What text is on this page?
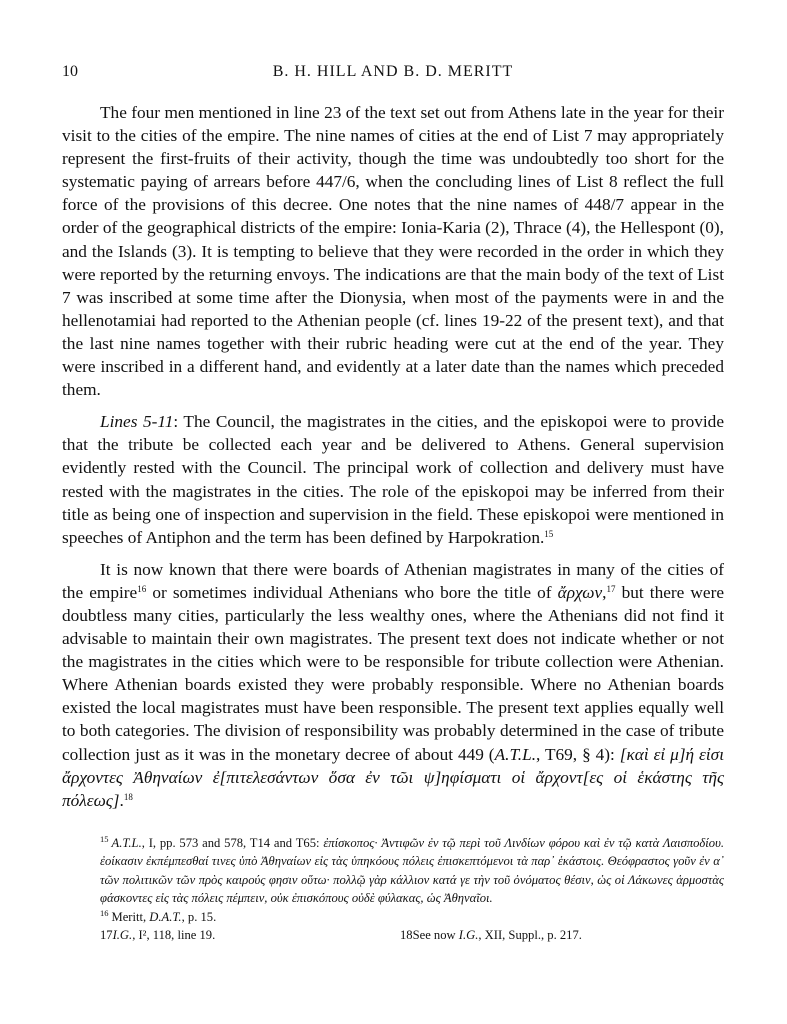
10	B. H. HILL AND B. D. MERITT

The four men mentioned in line 23 of the text set out from Athens late in the year for their visit to the cities of the empire. The nine names of cities at the end of List 7 may appropriately represent the first-fruits of their activity, though the time was undoubtedly too short for the systematic paying of arrears before 447/6, when the concluding lines of List 8 reflect the full force of the provisions of this decree. One notes that the nine names of 448/7 appear in the order of the geographical districts of the empire: Ionia-Karia (2), Thrace (4), the Hellespont (0), and the Islands (3). It is tempting to believe that they were recorded in the order in which they were reported by the returning envoys. The indications are that the main body of the text of List 7 was inscribed at some time after the Dionysia, when most of the payments were in and the hellenotamiai had reported to the Athenian people (cf. lines 19-22 of the present text), and that the last nine names together with their rubric heading were cut at the end of the year. They were inscribed in a different hand, and evidently at a later date than the names which preceded them.

Lines 5-11: The Council, the magistrates in the cities, and the episkopoi were to provide that the tribute be collected each year and be delivered to Athens. General supervision evidently rested with the Council. The principal work of collection and delivery must have rested with the magistrates in the cities. The role of the episkopoi may be inferred from their title as being one of inspection and supervision in the field. These episkopoi were mentioned in speeches of Antiphon and the term has been defined by Harpokration.$^{15}$

It is now known that there were boards of Athenian magistrates in many of the cities of the empire$^{16}$ or sometimes individual Athenians who bore the title of ἄρχων,$^{17}$ but there were doubtless many cities, particularly the less wealthy ones, where the Athenians did not find it advisable to maintain their own magistrates. The present text does not indicate whether or not the magistrates in the cities which were to be responsible for tribute collection were Athenian. Where Athenian boards existed they were probably responsible. Where no Athenian boards existed the local magistrates must have been responsible. The present text applies equally well to both categories. The division of responsibility was probably determined in the case of tribute collection just as it was in the monetary decree of about 449 (A.T.L., T69, § 4): [καὶ εἰ μ]ή εἰσι ἄρχοντες Ἀθηναίων ἐ[πιτελεσάντων ὅσα ἐν τῶι ψ]ηφίσματι οἱ ἄρχοντ[ες οἱ ἑκάστης τῆς πόλεως].$^{18}$

$^{15}$ A.T.L., I, pp. 573 and 578, T14 and T65: ἐπίσκοπος· Ἀντιφῶν ἐν τῷ περὶ τοῦ Λινδίων φόρου καὶ ἐν τῷ κατὰ Λαισποδίου. ἐοίκασιν ἐκπέμπεσθαί τινες ὑπὸ Ἀθηναίων εἰς τὰς ὑπηκόους πόλεις ἐπισκεπτόμενοι τὰ παρ᾽ ἑκάστοις. Θεόφραστος γοῦν ἐν α᾽ τῶν πολιτικῶν τῶν πρὸς καιρούς φησιν οὕτω· πολλῷ γὰρ κάλλιον κατά γε τὴν τοῦ ὀνόματος θέσιν, ὡς οἱ Λάκωνες ἁρμοστὰς φάσκοντες εἰς τὰς πόλεις πέμπειν, οὐκ ἐπισκόπους οὐδὲ φύλακας, ὡς Ἀθηναῖοι.
$^{16}$ Meritt, D.A.T., p. 15.
17I.G., I², 118, line 19.	18See now I.G., XII, Suppl., p. 217.
